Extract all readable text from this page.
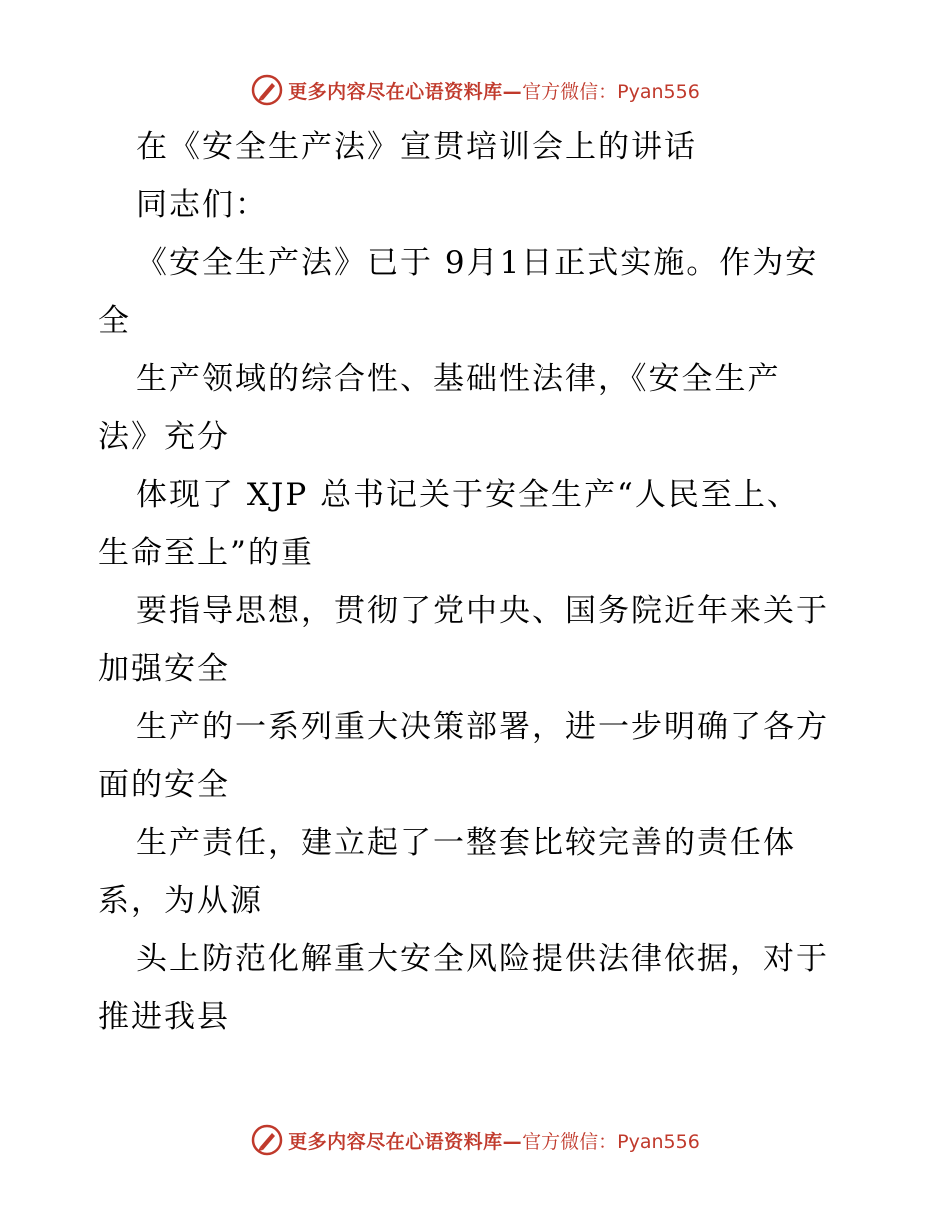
更多内容尽在心语资料库— 官方微信：Pyan556
在《安全生产法》宣贯培训会上的讲话
同志们：
《安全生产法》已于 9月1日正式实施。作为安
全
生产领域的综合性、基础性法律，《安全生产
法》充分
体现了 XJP 总书记关于安全生产“人民至上、
生命至上”的重
要指导思想，贯彻了党中央、国务院近年来关于
加强安全
生产的一系列重大决策部署，进一步明确了各方
面的安全
生产责任，建立起了一整套比较完善的责任体
系，为从源
头上防范化解重大安全风险提供法律依据，对于
推进我县
更多内容尽在心语资料库— 官方微信：Pyan556
